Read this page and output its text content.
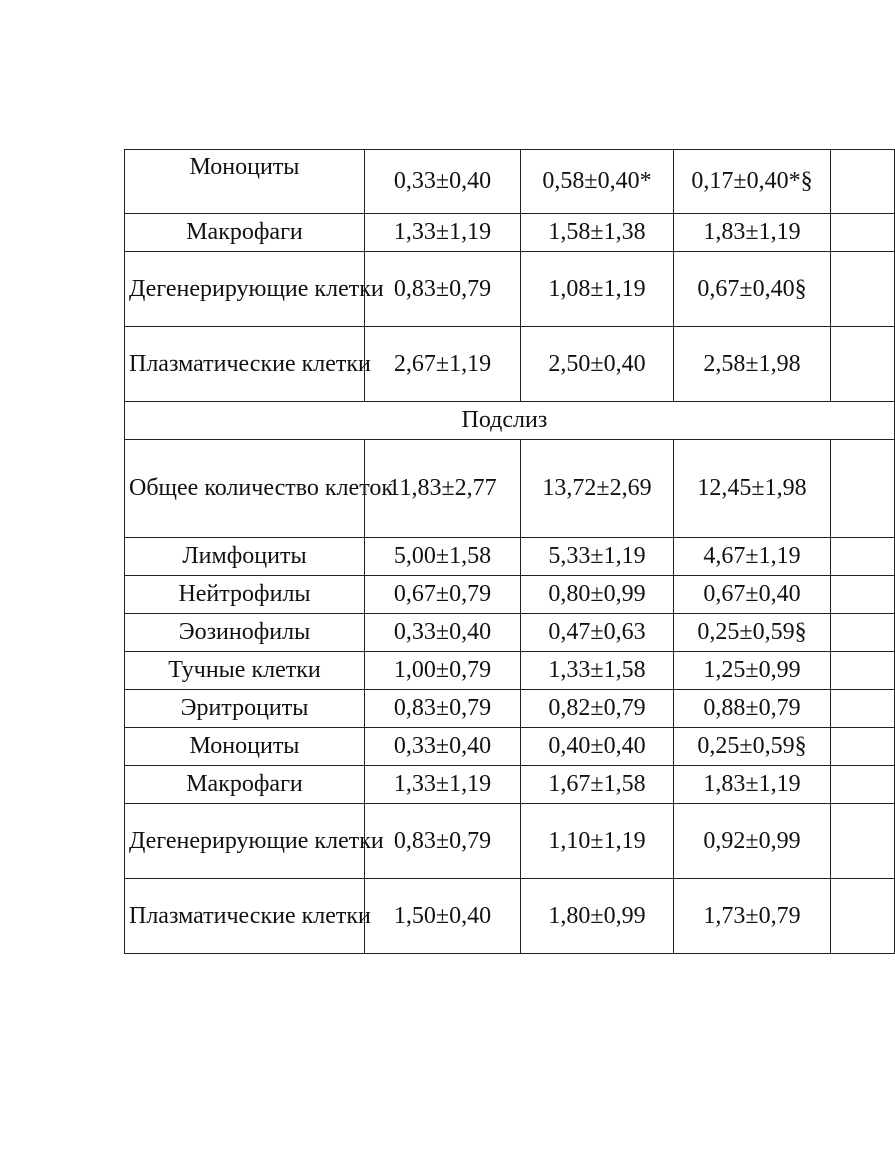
Моноциты	0,33±0,40	0,58±0,40*	0,17±0,40*§	
Макрофаги	1,33±1,19	1,58±1,38	1,83±1,19	
Дегенерирующие клетки	0,83±0,79	1,08±1,19	0,67±0,40§	
Плазматические клетки	2,67±1,19	2,50±0,40	2,58±1,98	
Подслиз				
Общее количество клеток	11,83±2,77	13,72±2,69	12,45±1,98	
Лимфоциты	5,00±1,58	5,33±1,19	4,67±1,19	
Нейтрофилы	0,67±0,79	0,80±0,99	0,67±0,40	
Эозинофилы	0,33±0,40	0,47±0,63	0,25±0,59§	
Тучные клетки	1,00±0,79	1,33±1,58	1,25±0,99	
Эритроциты	0,83±0,79	0,82±0,79	0,88±0,79	
Моноциты	0,33±0,40	0,40±0,40	0,25±0,59§	
Макрофаги	1,33±1,19	1,67±1,58	1,83±1,19	
Дегенерирующие клетки	0,83±0,79	1,10±1,19	0,92±0,99	
Плазматические клетки	1,50±0,40	1,80±0,99	1,73±0,79	
